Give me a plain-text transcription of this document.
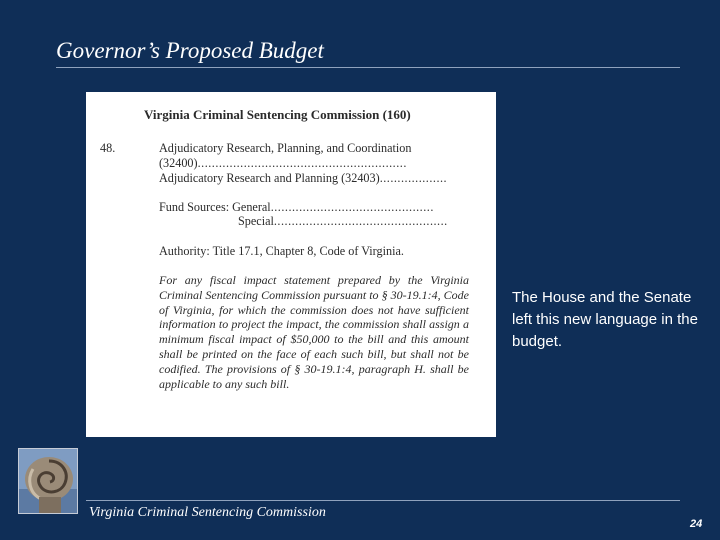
Governor’s Proposed Budget
Virginia Criminal Sentencing Commission (160)
48.	Adjudicatory Research, Planning, and Coordination
(32400)...........................................................
Adjudicatory Research and Planning (32403)...................
Fund Sources: General..............................................
Special.................................................
Authority: Title 17.1, Chapter 8, Code of Virginia.
For any fiscal impact statement prepared by the Virginia Criminal Sentencing Commission pursuant to § 30-19.1:4, Code of Virginia, for which the commission does not have sufficient information to project the impact, the commission shall assign a minimum fiscal impact of $50,000 to the bill and this amount shall be printed on the face of each such bill, but shall not be codified. The provisions of § 30-19.1:4, paragraph H. shall be applicable to any such bill.
The House and the Senate left this new language in the budget.
Virginia Criminal Sentencing Commission
24
